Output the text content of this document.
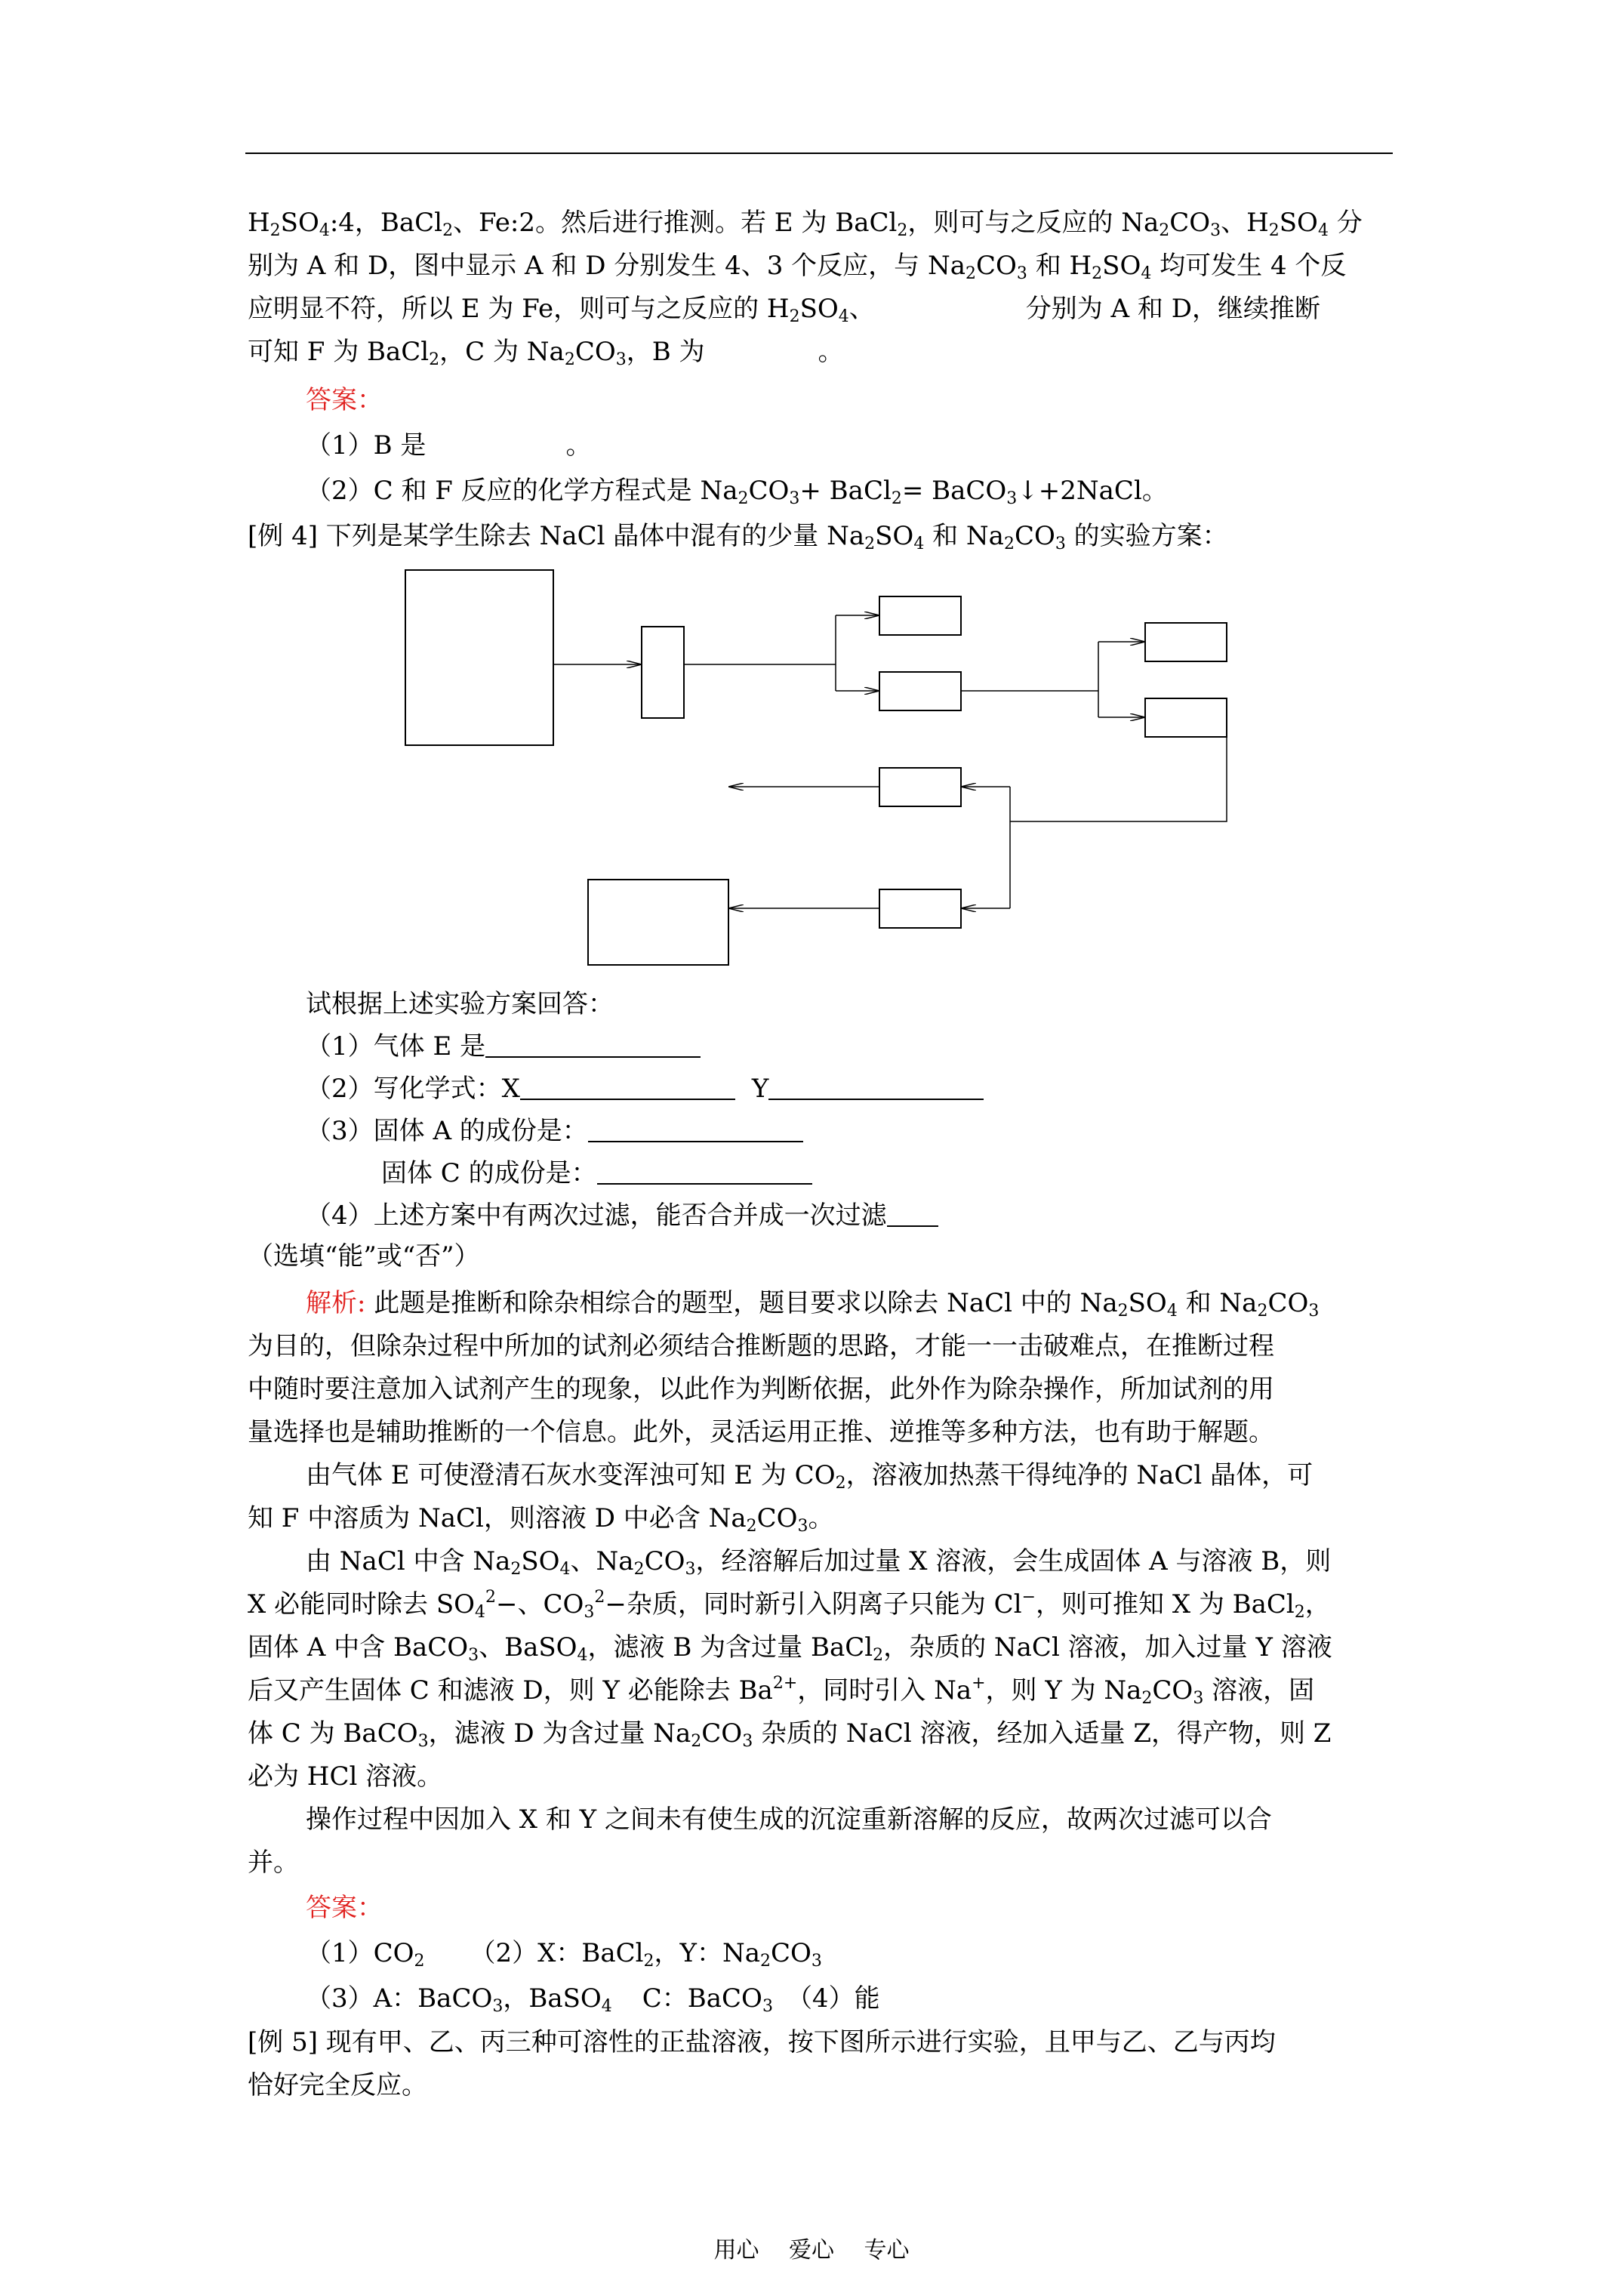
$H_2SO_4:4$，BaCl$_2$、Fe:2。然后进行推测。若 E 为 BaCl$_2$，则可与之反应的 $Na_2CO_3$、$H_2SO_4$ 分
别为 A 和 D，图中显示 A 和 D 分别发生 4、3 个反应，与 $Na_2CO_3$ 和 $H_2SO_4$ 均可发生 4 个反
应明显不符，所以 E 为 Fe，则可与之反应的 $H_2SO_4$、	分别为 A 和 D，继续推断
可知 F 为 BaCl$_2$，C 为 $Na_2CO_3$，B 为	。
答案：
（1）B 是	。
（2）C 和 F 反应的化学方程式是 $Na_2CO_3+$ BaCl$_2$= BaCO$_3$↓+2NaCl。
[例 4] 下列是某学生除去 NaCl 晶体中混有的少量 $Na_2SO_4$ 和 $Na_2CO_3$ 的实验方案：
试根据上述实验方案回答：
（1）气体 E 是
（2）写化学式：X	Y
（3）固体 A 的成份是：
固体 C 的成份是：
（4）上述方案中有两次过滤，能否合并成一次过滤
（选填“能”或“否”）
解析: 此题是推断和除杂相综合的题型，题目要求以除去 NaCl 中的 $Na_2SO_4$ 和 $Na_2CO_3$
为目的，但除杂过程中所加的试剂必须结合推断题的思路，才能一一击破难点，在推断过程
中随时要注意加入试剂产生的现象，以此作为判断依据，此外作为除杂操作，所加试剂的用
量选择也是辅助推断的一个信息。此外，灵活运用正推、逆推等多种方法，也有助于解题。
由气体 E 可使澄清石灰水变浑浊可知 E 为 $CO_2$，溶液加热蒸干得纯净的 NaCl 晶体，可
知 F 中溶质为 NaCl，则溶液 D 中必含 $Na_2CO_3$。
由 NaCl 中含 $Na_2SO_4$、$Na_2CO_3$，经溶解后加过量 X 溶液，会生成固体 A 与溶液 B，则
X 必能同时除去 $SO_4^2-$、$CO_3^2-$杂质，同时新引入阴离子只能为 Cl−，则可推知 X 为 BaCl$_2$，
固体 A 中含 BaCO$_3$、BaSO$_4$，滤液 B 为含过量 BaCl$_2$，杂质的 NaCl 溶液，加入过量 Y 溶液
后又产生固体 C 和滤液 D，则 Y 必能除去 $Ba^{2+}$，同时引入 Na+，则 Y 为 $Na_2CO_3$ 溶液，固
体 C 为 BaCO$_3$，滤液 D 为含过量 $Na_2CO_3$ 杂质的 NaCl 溶液，经加入适量 Z，得产物，则 Z
必为 HCl 溶液。
操作过程中因加入 X 和 Y 之间未有使生成的沉淀重新溶解的反应，故两次过滤可以合
并。
答案：
$(1)CO_2$ （2）X：BaCl$_2$，Y：$Na_2CO_3$
（3）A：BaCO$_3$，BaSO$_4$ C：BaCO$_3$ （4）能
[例 5] 现有甲、乙、丙三种可溶性的正盐溶液，按下图所示进行实验，且甲与乙、乙与丙均
恰好完全反应。
用心 爱心 专心
